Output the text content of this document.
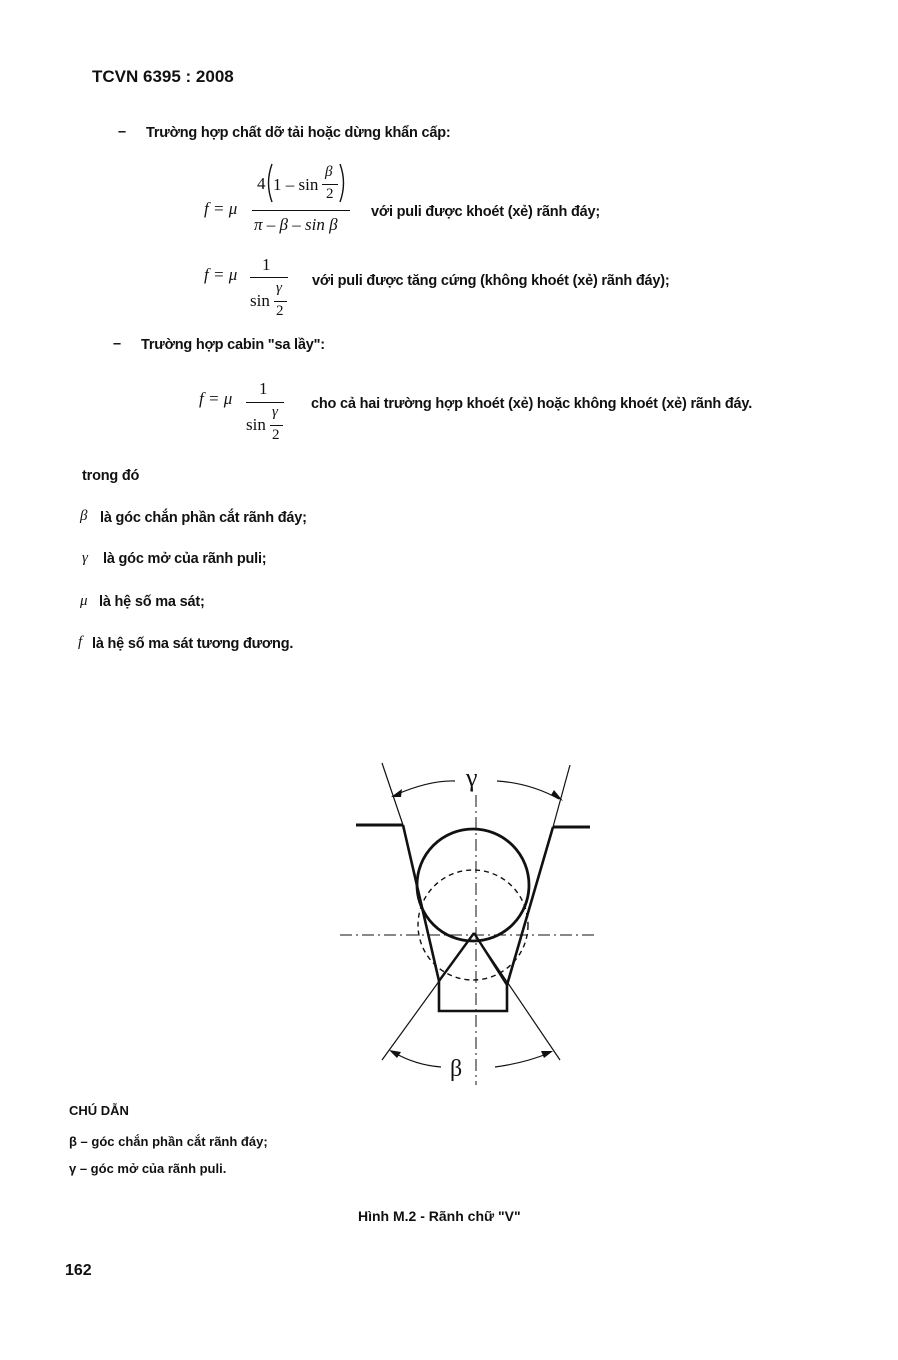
TCVN 6395 : 2008
– Trường hợp chất dỡ tải hoặc dừng khẩn cấp:
f = μ
4 1 – sin
β
2
π – β – sin β
với puli được khoét (xẻ) rãnh đáy;
f = μ
1
sin
γ
2
với puli được tăng cứng (không khoét (xẻ) rãnh đáy);
– Trường hợp cabin "sa lầy":
f = μ
1
sin
γ
2
cho cả hai trường hợp khoét (xẻ) hoặc không khoét (xẻ) rãnh đáy.
trong đó
β là góc chắn phần cắt rãnh đáy;
γ là góc mở của rãnh puli;
μ là hệ số ma sát;
f là hệ số ma sát tương đương.
γ
β
CHÚ DẪN
β – góc chắn phần cắt rãnh đáy;
γ – góc mở của rãnh puli.
Hình M.2 - Rãnh chữ "V"
162
